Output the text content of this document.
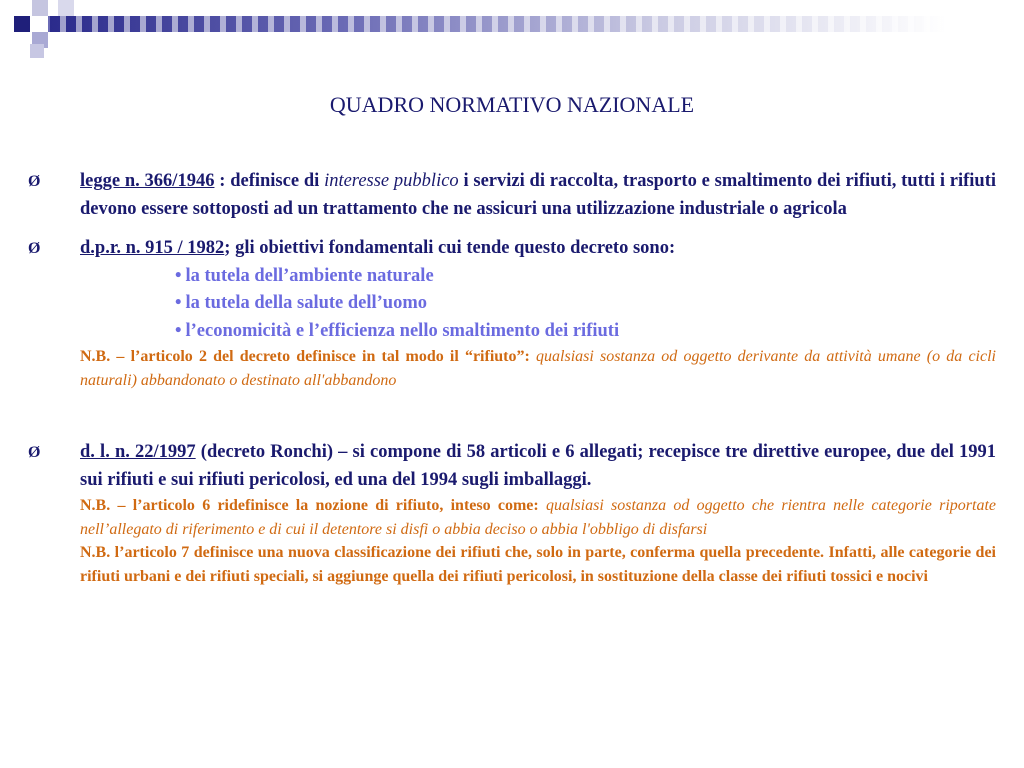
QUADRO NORMATIVO NAZIONALE
Ø legge n. 366/1946 : definisce di interesse pubblico i servizi di raccolta, trasporto e smaltimento dei rifiuti, tutti i rifiuti devono essere sottoposti ad un trattamento che ne assicuri una utilizzazione industriale o agricola
Ø d.p.r. n. 915 / 1982; gli obiettivi fondamentali cui tende questo decreto sono:
• la tutela dell’ambiente naturale
• la tutela della salute dell’uomo
• l’economicità e l’efficienza nello smaltimento dei rifiuti
N.B. – l’articolo 2 del decreto definisce in tal modo il “rifiuto”: qualsiasi sostanza od oggetto derivante da attività umane (o da cicli naturali) abbandonato o destinato all'abbandono
Ø d. l. n. 22/1997 (decreto Ronchi) – si compone di 58 articoli e 6 allegati; recepisce tre direttive europee, due del 1991 sui rifiuti e sui rifiuti pericolosi, ed una del 1994 sugli imballaggi.
N.B. – l’articolo 6 ridefinisce la nozione di rifiuto, inteso come: qualsiasi sostanza od oggetto che rientra nelle categorie riportate nell’allegato di riferimento e di cui il detentore si disfi o abbia deciso o abbia l'obbligo di disfarsi
N.B. l’articolo 7 definisce una nuova classificazione dei rifiuti che, solo in parte, conferma quella precedente. Infatti, alle categorie dei rifiuti urbani e dei rifiuti speciali, si aggiunge quella dei rifiuti pericolosi, in sostituzione della classe dei rifiuti tossici e nocivi
